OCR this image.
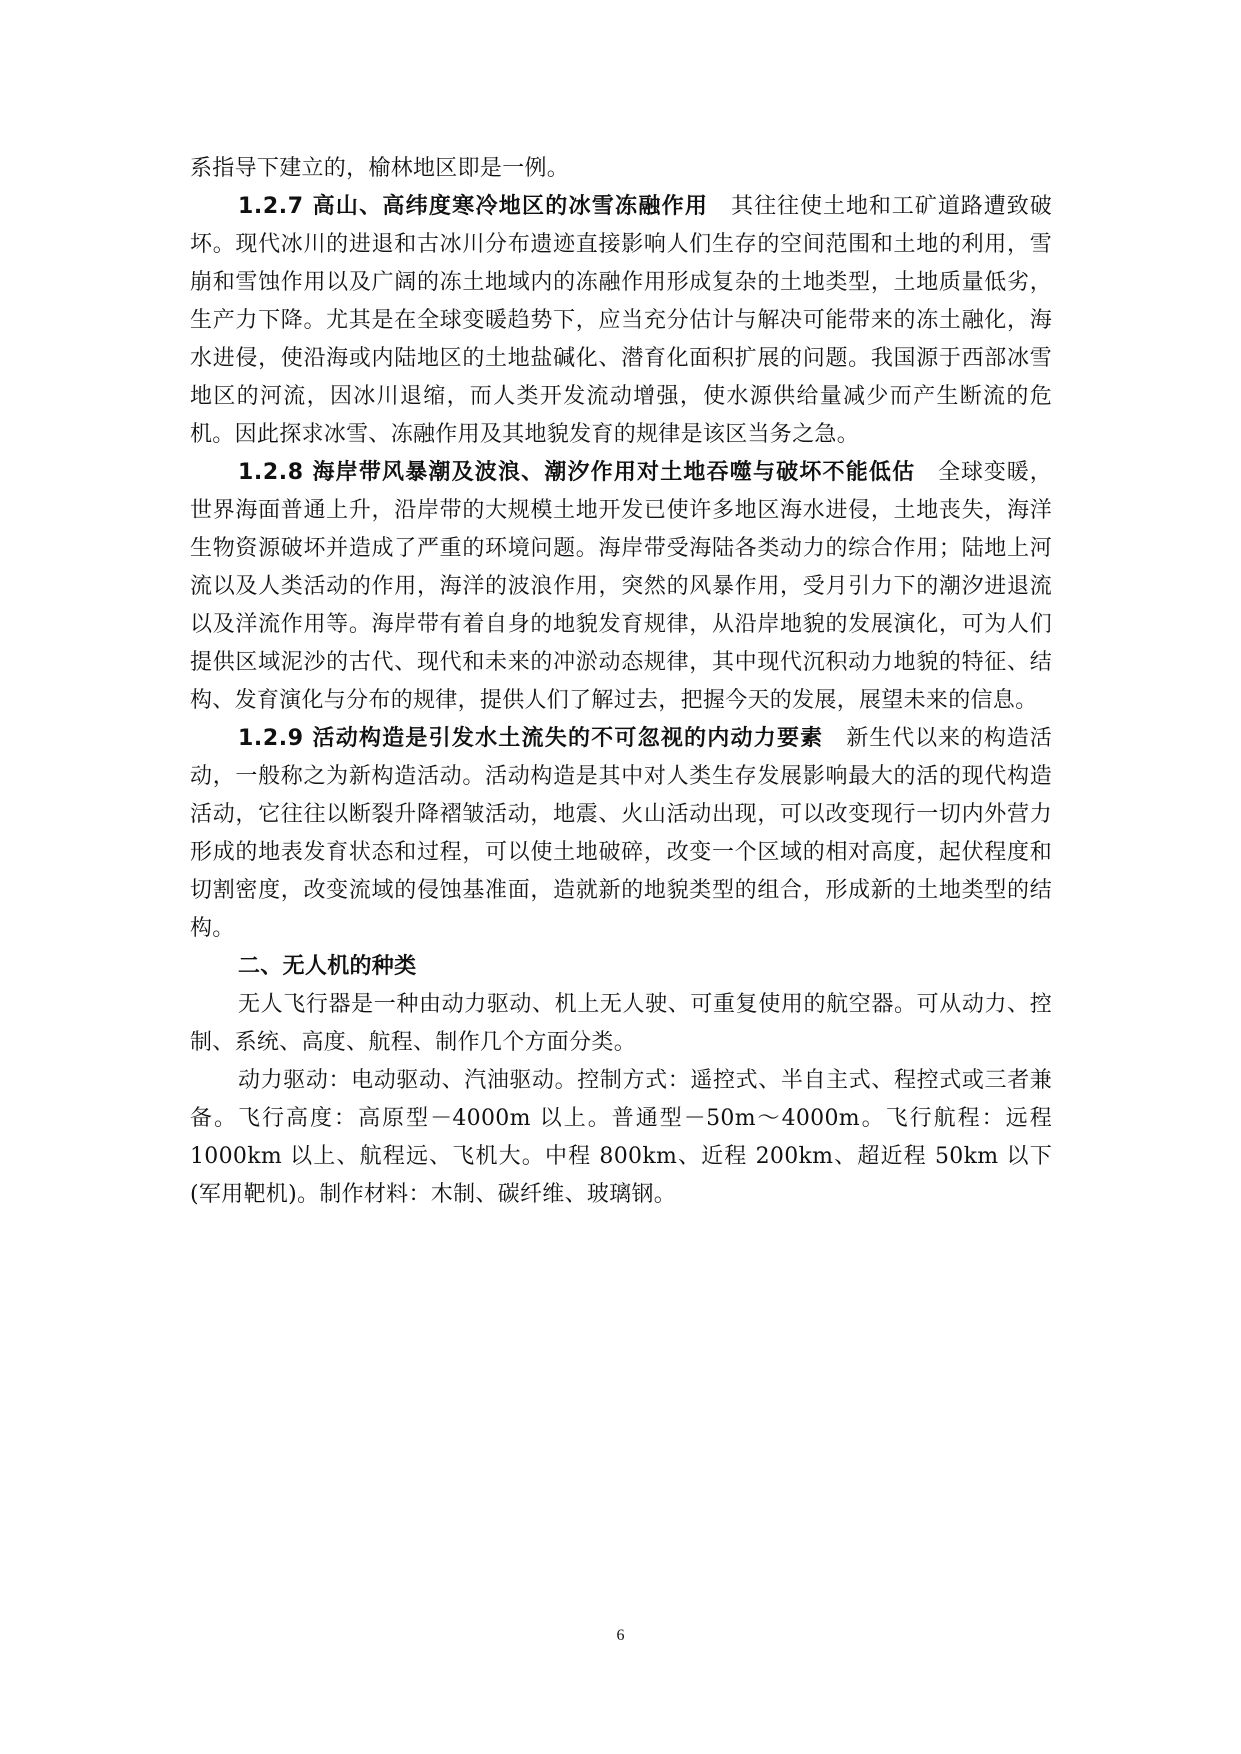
系指导下建立的，榆林地区即是一例。

1.2.7 高山、高纬度寒冷地区的冰雪冻融作用  其往往使土地和工矿道路遭致破坏。现代冰川的进退和古冰川分布遗迹直接影响人们生存的空间范围和土地的利用，雪崩和雪蚀作用以及广阔的冻土地域内的冻融作用形成复杂的土地类型，土地质量低劣，生产力下降。尤其是在全球变暖趋势下，应当充分估计与解决可能带来的冻土融化，海水进侵，使沿海或内陆地区的土地盐碱化、潜育化面积扩展的问题。我国源于西部冰雪地区的河流，因冰川退缩，而人类开发流动增强，使水源供给量减少而产生断流的危机。因此探求冰雪、冻融作用及其地貌发育的规律是该区当务之急。

1.2.8 海岸带风暴潮及波浪、潮汐作用对土地吞噬与破坏不能低估  全球变暖，世界海面普通上升，沿岸带的大规模土地开发已使许多地区海水进侵，土地丧失，海洋生物资源破坏并造成了严重的环境问题。海岸带受海陆各类动力的综合作用；陆地上河流以及人类活动的作用，海洋的波浪作用，突然的风暴作用，受月引力下的潮汐进退流以及洋流作用等。海岸带有着自身的地貌发育规律，从沿岸地貌的发展演化，可为人们提供区域泥沙的古代、现代和未来的冲淤动态规律，其中现代沉积动力地貌的特征、结构、发育演化与分布的规律，提供人们了解过去，把握今天的发展，展望未来的信息。

1.2.9 活动构造是引发水土流失的不可忽视的内动力要素  新生代以来的构造活动，一般称之为新构造活动。活动构造是其中对人类生存发展影响最大的活的现代构造活动，它往往以断裂升降褶皱活动，地震、火山活动出现，可以改变现行一切内外营力形成的地表发育状态和过程，可以使土地破碎，改变一个区域的相对高度，起伏程度和切割密度，改变流域的侵蚀基准面，造就新的地貌类型的组合，形成新的土地类型的结构。

二、无人机的种类

无人飞行器是一种由动力驱动、机上无人驶、可重复使用的航空器。可从动力、控制、系统、高度、航程、制作几个方面分类。

动力驱动：电动驱动、汽油驱动。控制方式：遥控式、半自主式、程控式或三者兼备。飞行高度：高原型－4000m 以上。普通型－50m～4000m。飞行航程：远程 1000km 以上、航程远、飞机大。中程 800km、近程 200km、超近程 50km 以下(军用靶机)。制作材料：木制、碳纤维、玻璃钢。

6
